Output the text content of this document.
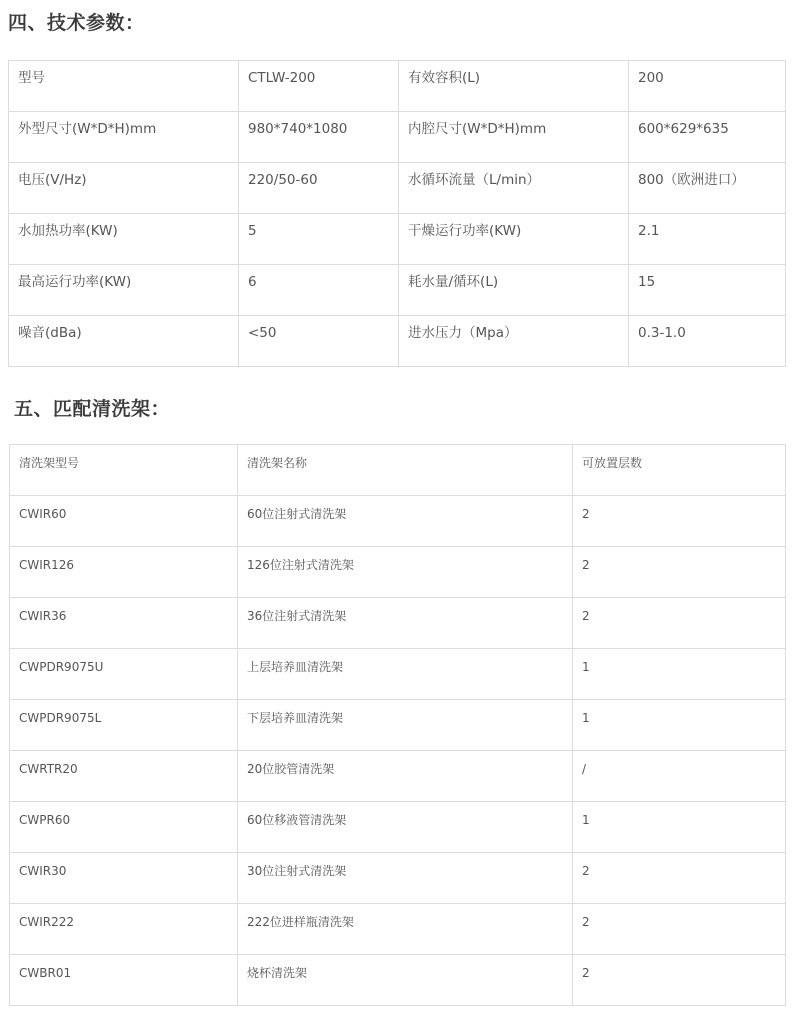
四、技术参数：
型号	CTLW-200	有效容积(L)	200
外型尺寸(W*D*H)mm	980*740*1080	内腔尺寸(W*D*H)mm	600*629*635
电压(V/Hz)	220/50-60	水循环流量（L/min）	800（欧洲进口）
水加热功率(KW)	5	干燥运行功率(KW)	2.1
最高运行功率(KW)	6	耗水量/循环(L)	15
噪音(dBa)	<50	进水压力（Mpa）	0.3-1.0
五、匹配清洗架：
清洗架型号	清洗架名称	可放置层数
CWIR60	60位注射式清洗架	2
CWIR126	126位注射式清洗架	2
CWIR36	36位注射式清洗架	2
CWPDR9075U	上层培养皿清洗架	1
CWPDR9075L	下层培养皿清洗架	1
CWRTR20	20位胶管清洗架	/
CWPR60	60位移液管清洗架	1
CWIR30	30位注射式清洗架	2
CWIR222	222位进样瓶清洗架	2
CWBR01	烧杯清洗架	2
